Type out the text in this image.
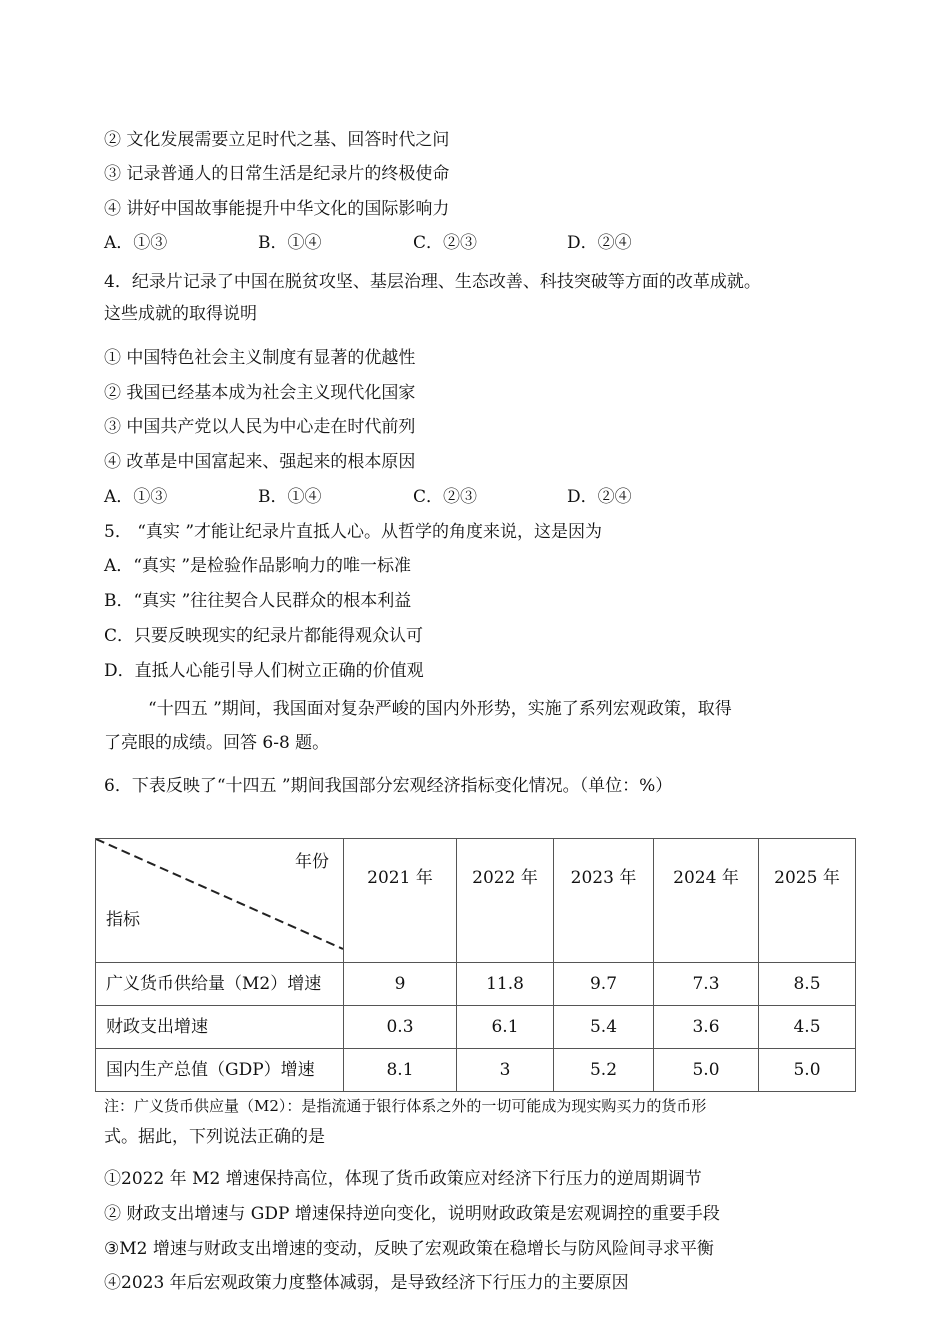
② 文化发展需要立足时代之基、回答时代之问
③ 记录普通人的日常生活是纪录片的终极使命
④ 讲好中国故事能提升中华文化的国际影响力
A．①③	B．①④	C．②③	D．②④
4．纪录片记录了中国在脱贫攻坚、基层治理、生态改善、科技突破等方面的改革成就。
这些成就的取得说明
① 中国特色社会主义制度有显著的优越性
② 我国已经基本成为社会主义现代化国家
③ 中国共产党以人民为中心走在时代前列
④ 改革是中国富起来、强起来的根本原因
A．①③	B．①④	C．②③	D．②④
5． “真实 ”才能让纪录片直抵人心。从哲学的角度来说，这是因为
A．“真实 ”是检验作品影响力的唯一标准
B．“真实 ”往往契合人民群众的根本利益
C．只要反映现实的纪录片都能得观众认可
D．直抵人心能引导人们树立正确的价值观
“十四五 ”期间，我国面对复杂严峻的国内外形势，实施了系列宏观政策，取得
了亮眼的成绩。回答 6-8 题。
6．下表反映了“十四五 ”期间我国部分宏观经济指标变化情况。（单位：%）
年份
指标	2021 年	2022 年	2023 年	2024 年	2025 年
广义货币供给量（M2）增速	9	11.8	9.7	7.3	8.5
财政支出增速	0.3	6.1	5.4	3.6	4.5
国内生产总值（GDP）增速	8.1	3	5.2	5.0	5.0
注：广义货币供应量（M2）：是指流通于银行体系之外的一切可能成为现实购买力的货币形
式。据此，下列说法正确的是
①2022 年 M2 增速保持高位，体现了货币政策应对经济下行压力的逆周期调节
② 财政支出增速与 GDP 增速保持逆向变化，说明财政政策是宏观调控的重要手段
③M2 增速与财政支出增速的变动，反映了宏观政策在稳增长与防风险间寻求平衡
④2023 年后宏观政策力度整体减弱，是导致经济下行压力的主要原因
